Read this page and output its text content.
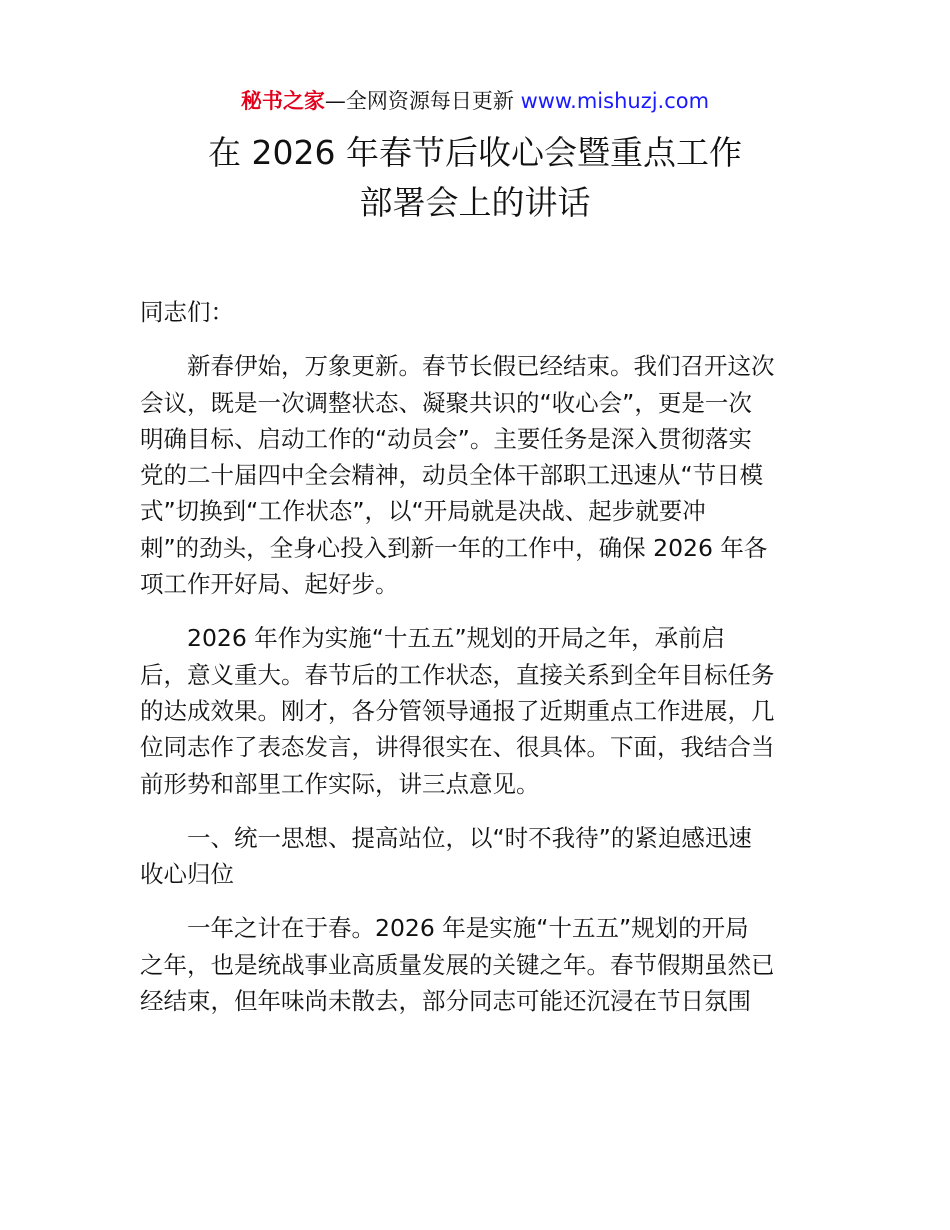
秘书之家—全网资源每日更新 www.mishuzj.com
在 2026 年春节后收心会暨重点工作
部署会上的讲话

同志们：

新春伊始，万象更新。春节长假已经结束。我们召开这次

会议，既是一次调整状态、凝聚共识的“收心会”，更是一次

明确目标、启动工作的“动员会”。主要任务是深入贯彻落实

党的二十届四中全会精神，动员全体干部职工迅速从“节日模

式”切换到“工作状态”，以“开局就是决战、起步就要冲

刺”的劲头，全身心投入到新一年的工作中，确保 2026 年各

项工作开好局、起好步。

2026 年作为实施“十五五”规划的开局之年，承前启

后，意义重大。春节后的工作状态，直接关系到全年目标任务

的达成效果。刚才，各分管领导通报了近期重点工作进展，几

位同志作了表态发言，讲得很实在、很具体。下面，我结合当

前形势和部里工作实际，讲三点意见。

一、统一思想、提高站位，以“时不我待”的紧迫感迅速

收心归位

一年之计在于春。2026 年是实施“十五五”规划的开局

之年，也是统战事业高质量发展的关键之年。春节假期虽然已

经结束，但年味尚未散去，部分同志可能还沉浸在节日氛围
